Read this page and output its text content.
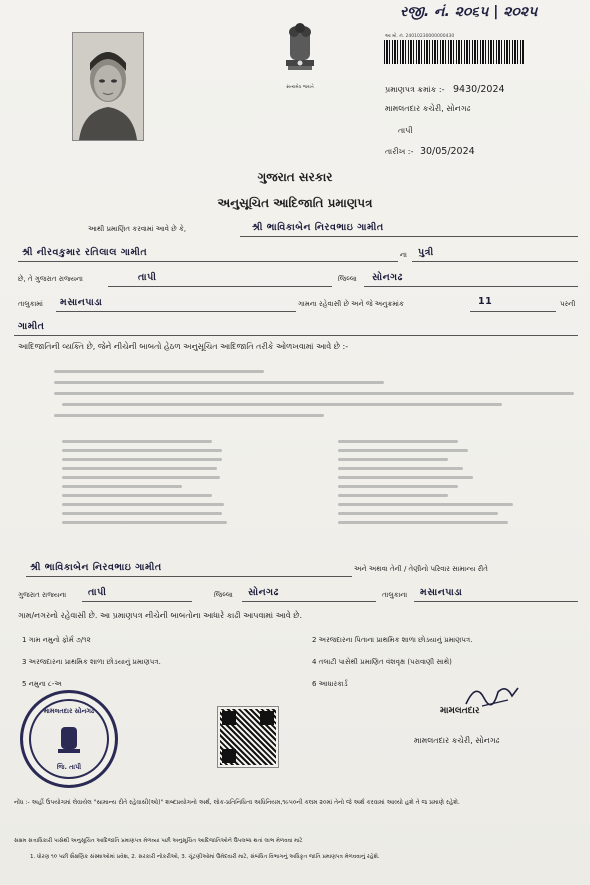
રજી. નં. ૨૦૬૫ | ૨૦૨૫
સત્યમેવ જયતે
આ મો. નં. 24010230000000430
પ્રમાણપત્ર ક્રમાંક :- 9430/2024
મામલતદાર કચેરી, સોનગઢ
તાપી
તારીખ :- 30/05/2024
ગુજરાત સરકાર
અનુસૂચિત આદિજાતિ પ્રમાણપત્ર
આથી પ્રમાણિત કરવામાં આવે છે કે,	શ્રી ભાવિકાબેન નિરવભાઇ ગામીત
શ્રી નીરવકુમાર રતિલાલ ગામીત	ના પુત્રી
છે, તે ગુજરાત રાજ્યના	તાપી	જિલ્લા સોનગઢ
તાલુકામાં મસાનપાડા	ગામના રહેવાસી છે અને જે અનુક્રમાંક	11	પરની
ગામીત
આદિજાતિની વ્યક્તિ છે, જેને નીચેની બાબતો હેઠળ અનુસૂચિત આદિજાતિ તરીકે ઓળખવામાં આવે છે :-
શ્રી ભાવિકાબેન નિરવભાઇ ગામીત	અને અથવા તેની / તેણીનો પરિવાર સામાન્ય રીતે
ગુજરાત રાજ્યના તાપી	જિલ્લા સોનગઢ	તાલુકાના મસાનપાડા
ગામ/નગરનો રહેવાસી છે. આ પ્રમાણપત્ર નીચેની બાબતોના આધારે કાઢી આપવામાં આવે છે.
1 ગામ નમુનો ફોર્મ ૭/૧૨	2 અરજદારના પિતાના પ્રાથમિક શાળા છોડયાનું પ્રમાણપત્ર.
3 અરજદારના પ્રાથમિક શાળા છોડયાનું પ્રમાણપત્ર.	4 તલાટી પાસેથી પ્રમાણિત વંશવૃક્ષ (પરાવાણી સાથે)
5 નમુના ૮-અ	6 આધારકાર્ડ
મામલતદાર સોનગઢ
જિ. તાપી
મામલતદાર
મામલતદાર કચેરી, સોનગઢ
નોંધ :- અહીં ઉપયોગમાં લેવાયેલ "સામાન્ય રીતે રહેવાસી(ઓ)" શબ્દપ્રયોગનો અર્થ, લોક-પ્રતિનિધિત્વ અધિનિયમ,૧૯૫૦ની કલમ ૨૦માં તેનો જે અર્થ કરવામાં આવ્યો હશે તે જ પ્રમાણે રહેશે.
સક્ષમ સત્તાધિકારી પાસેથી અનુસૂચિત આદિજાતિ પ્રમાણપત્ર મેળવ્યા પછી અનુસૂચિત આદિજાતિઓને ઉપલબ્ધ થતાં લાભ મેળવવા માટે
1. ધોરણ ૧૦ પછી શૈક્ષણિક સંસ્થાઓમાં પ્રવેશ, 2. સરકારી નોકરીઓ, 3. ચૂંટણીઓમાં ઉમેદવારી માટે, સંબંધિત વિભાગનું અધિકૃત જાતિ પ્રમાણપત્ર મેળવવાનું રહેશે.
